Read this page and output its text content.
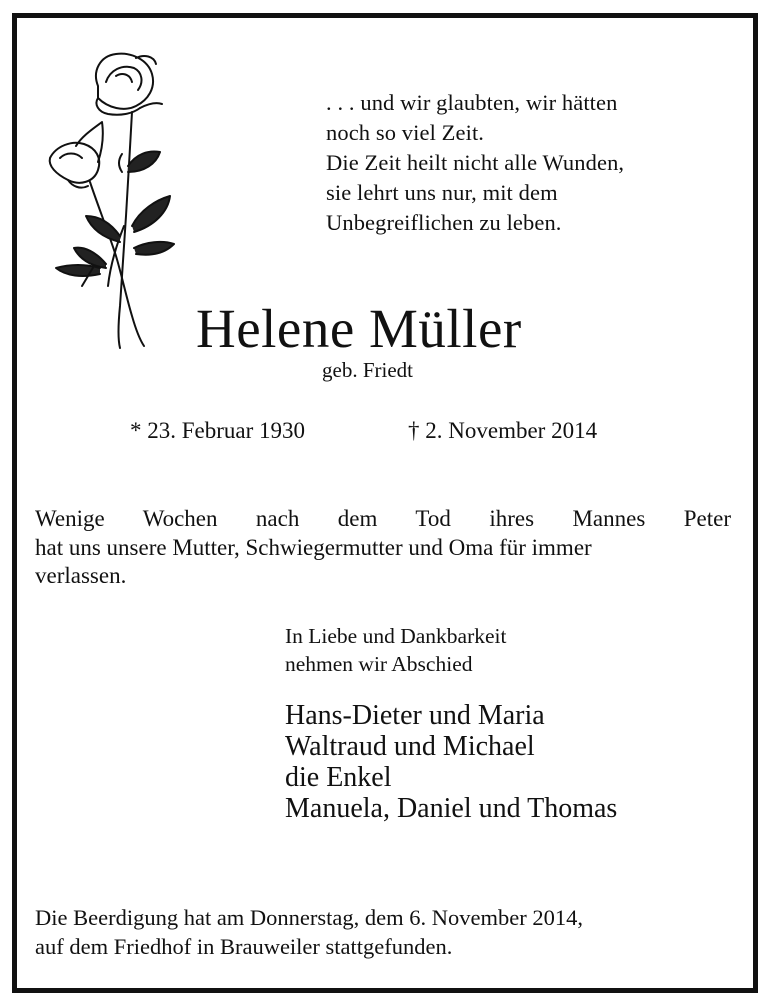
. . . und wir glaubten, wir hätten
noch so viel Zeit.
Die Zeit heilt nicht alle Wunden,
sie lehrt uns nur, mit dem
Unbegreiflichen zu leben.
Helene Müller
geb. Friedt
* 23. Februar 1930	† 2. November 2014
Wenige Wochen nach dem Tod ihres Mannes Peter
hat uns unsere Mutter, Schwiegermutter und Oma für immer
verlassen.
In Liebe und Dankbarkeit
nehmen wir Abschied
Hans-Dieter und Maria
Waltraud und Michael
die Enkel
Manuela, Daniel und Thomas
Die Beerdigung hat am Donnerstag, dem 6. November 2014,
auf dem Friedhof in Brauweiler stattgefunden.
